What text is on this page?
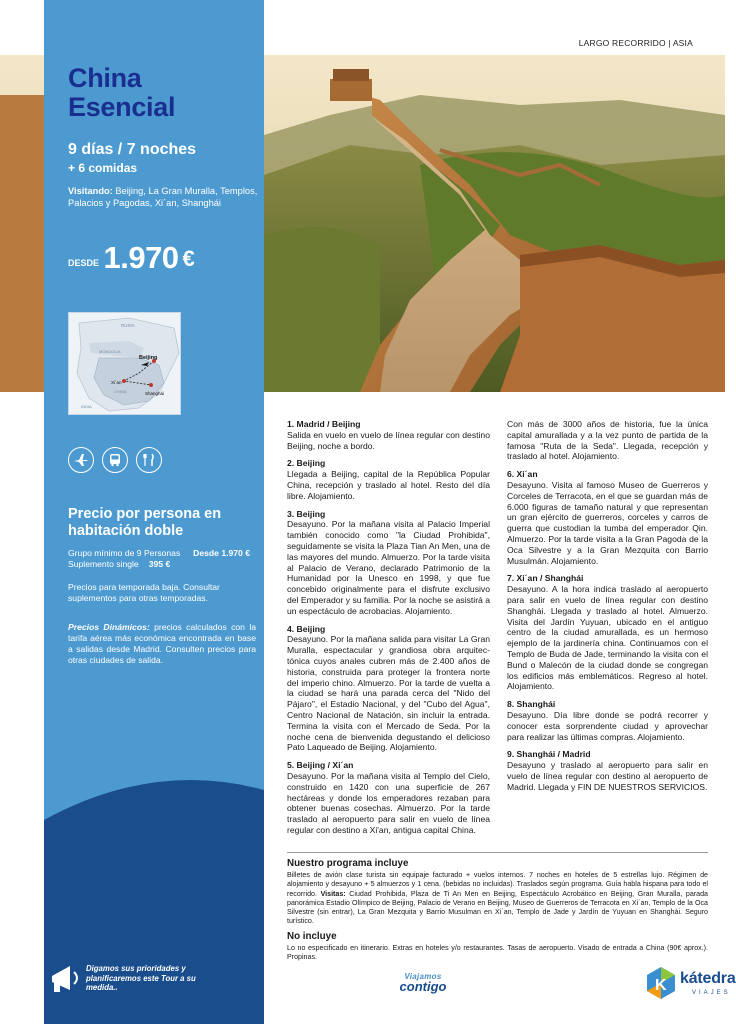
LARGO RECORRIDO | ASIA
China
Esencial
9 días / 7 noches
+ 6 comidas
Visitando: Beijing, La Gran Muralla, Templos, Palacios y Pagodas, Xi´an, Shanghái
DESDE 1.970 €
RUSIA
MONGOLIA
Beijing
Xi´an
Shanghái
CHINA
INDIA
Precio por persona en habitación doble
Grupo mínimo de 9 Personas Desde 1.970 €
Suplemento single 395 €
Precios para temporada baja. Consultar suplementos para otras temporadas.
Precios Dinámicos: precios calculados con la tarifa aérea más económica encontrada en base a salidas desde Madrid. Consulten precios para otras ciudades de salida.
Digamos sus prioridades y planificaremos este Tour a su medida..
1. Madrid / Beijing
Salida en vuelo en vuelo de línea regular con destino Beijing, noche a bordo.
2. Beijing
Llegada a Beijing, capital de la República Popular China, recepción y traslado al hotel. Resto del día libre. Alojamiento.
3. Beijing
Desayuno. Por la mañana visita al Palacio Imperial también conocido como "la Ciudad Prohibida", seguidamente se visita la Plaza Tian An Men, una de las mayores del mundo. Almuerzo. Por la tarde visita al Palacio de Verano, declarado Patrimonio de la Humanidad por la Unesco en 1998, y que fue concebido originalmente para el disfrute exclusivo del Emperador y su familia. Por la noche se asistirá a un espectáculo de acrobacias. Alojamiento.
4. Beijing
Desayuno. Por la mañana salida para visitar La Gran Muralla, espectacular y grandiosa obra arquitectónica cuyos anales cubren más de 2.400 años de historia, construida para proteger la frontera norte del imperio chino. Almuerzo. Por la tarde de vuelta a la ciudad se hará una parada cerca del "Nido del Pájaro", el Estadio Nacional, y del "Cubo del Agua", Centro Nacional de Natación, sin incluir la entrada. Termina la visita con el Mercado de Seda. Por la noche cena de bienvenida degustando el delicioso Pato Laqueado de Beijing. Alojamiento.
5. Beijing / Xi´an
Desayuno. Por la mañana visita al Templo del Cielo, construido en 1420 con una superficie de 267 hectáreas y donde los emperadores rezaban para obtener buenas cosechas. Almuerzo. Por la tarde traslado al aeropuerto para salir en vuelo de línea regular con destino a Xi'an, antigua capital China.
Con más de 3000 años de historia, fue la única capital amurallada y a la vez punto de partida de la famosa "Ruta de la Seda". Llegada, recepción y traslado al hotel. Alojamiento.
6. Xi´an
Desayuno. Visita al famoso Museo de Guerreros y Corceles de Terracota, en el que se guardan más de 6.000 figuras de tamaño natural y que representan un gran ejército de guerreros, corceles y carros de guerra que custodian la tumba del emperador Qin. Almuerzo. Por la tarde visita a la Gran Pagoda de la Oca Silvestre y a la Gran Mezquita con Barrio Musulmán. Alojamiento.
7. Xi´an / Shanghái
Desayuno. A la hora indica traslado al aeropuerto para salir en vuelo de línea regular con destino Shanghái. Llegada y traslado al hotel. Almuerzo. Visita del Jardín Yuyuan, ubicado en el antiguo centro de la ciudad amurallada, es un hermoso ejemplo de la jardinería china. Continuamos con el Templo de Buda de Jade, terminando la visita con el Bund o Malecón de la ciudad donde se congregan los edificios más emblemáticos. Regreso al hotel. Alojamiento.
8. Shanghái
Desayuno. Día libre donde se podrá recorrer y conocer esta sorprendente ciudad y aprovechar para realizar las últimas compras. Alojamiento.
9. Shanghái / Madrid
Desayuno y traslado al aeropuerto para salir en vuelo de línea regular con destino al aeropuerto de Madrid. Llegada y FIN DE NUESTROS SERVICIOS.
Nuestro programa incluye

Billetes de avión clase turista sin equipaje facturado + vuelos internos. 7 noches en hoteles de 5 estrellas lujo. Régimen de alojamiento y desayuno + 5 almuerzos y 1 cena. (bebidas no incluidas). Traslados según programa. Guía habla hispana para todo el recorrido. Visitas: Ciudad Prohibida, Plaza de Ti An Men en Beijing, Espectáculo Acrobático en Beijing, Gran Muralla, parada panorámica Estadio Olímpico de Beijing, Palacio de Verano en Beijing, Museo de Guerreros de Terracota en Xi´an, Templo de la Oca Silvestre (sin entrar), La Gran Mezquita y Barrio Musulman en Xi´an, Templo de Jade y Jardín de Yuyuan en Shanghái. Seguro turístico.

No incluye

Lo no especificado en itinerario. Extras en hoteles y/o restaurantes. Tasas de aeropuerto. Visado de entrada a China (90€ aprox.). Propinas.

Viajamos
contigo	K kátedra
VIAJES
